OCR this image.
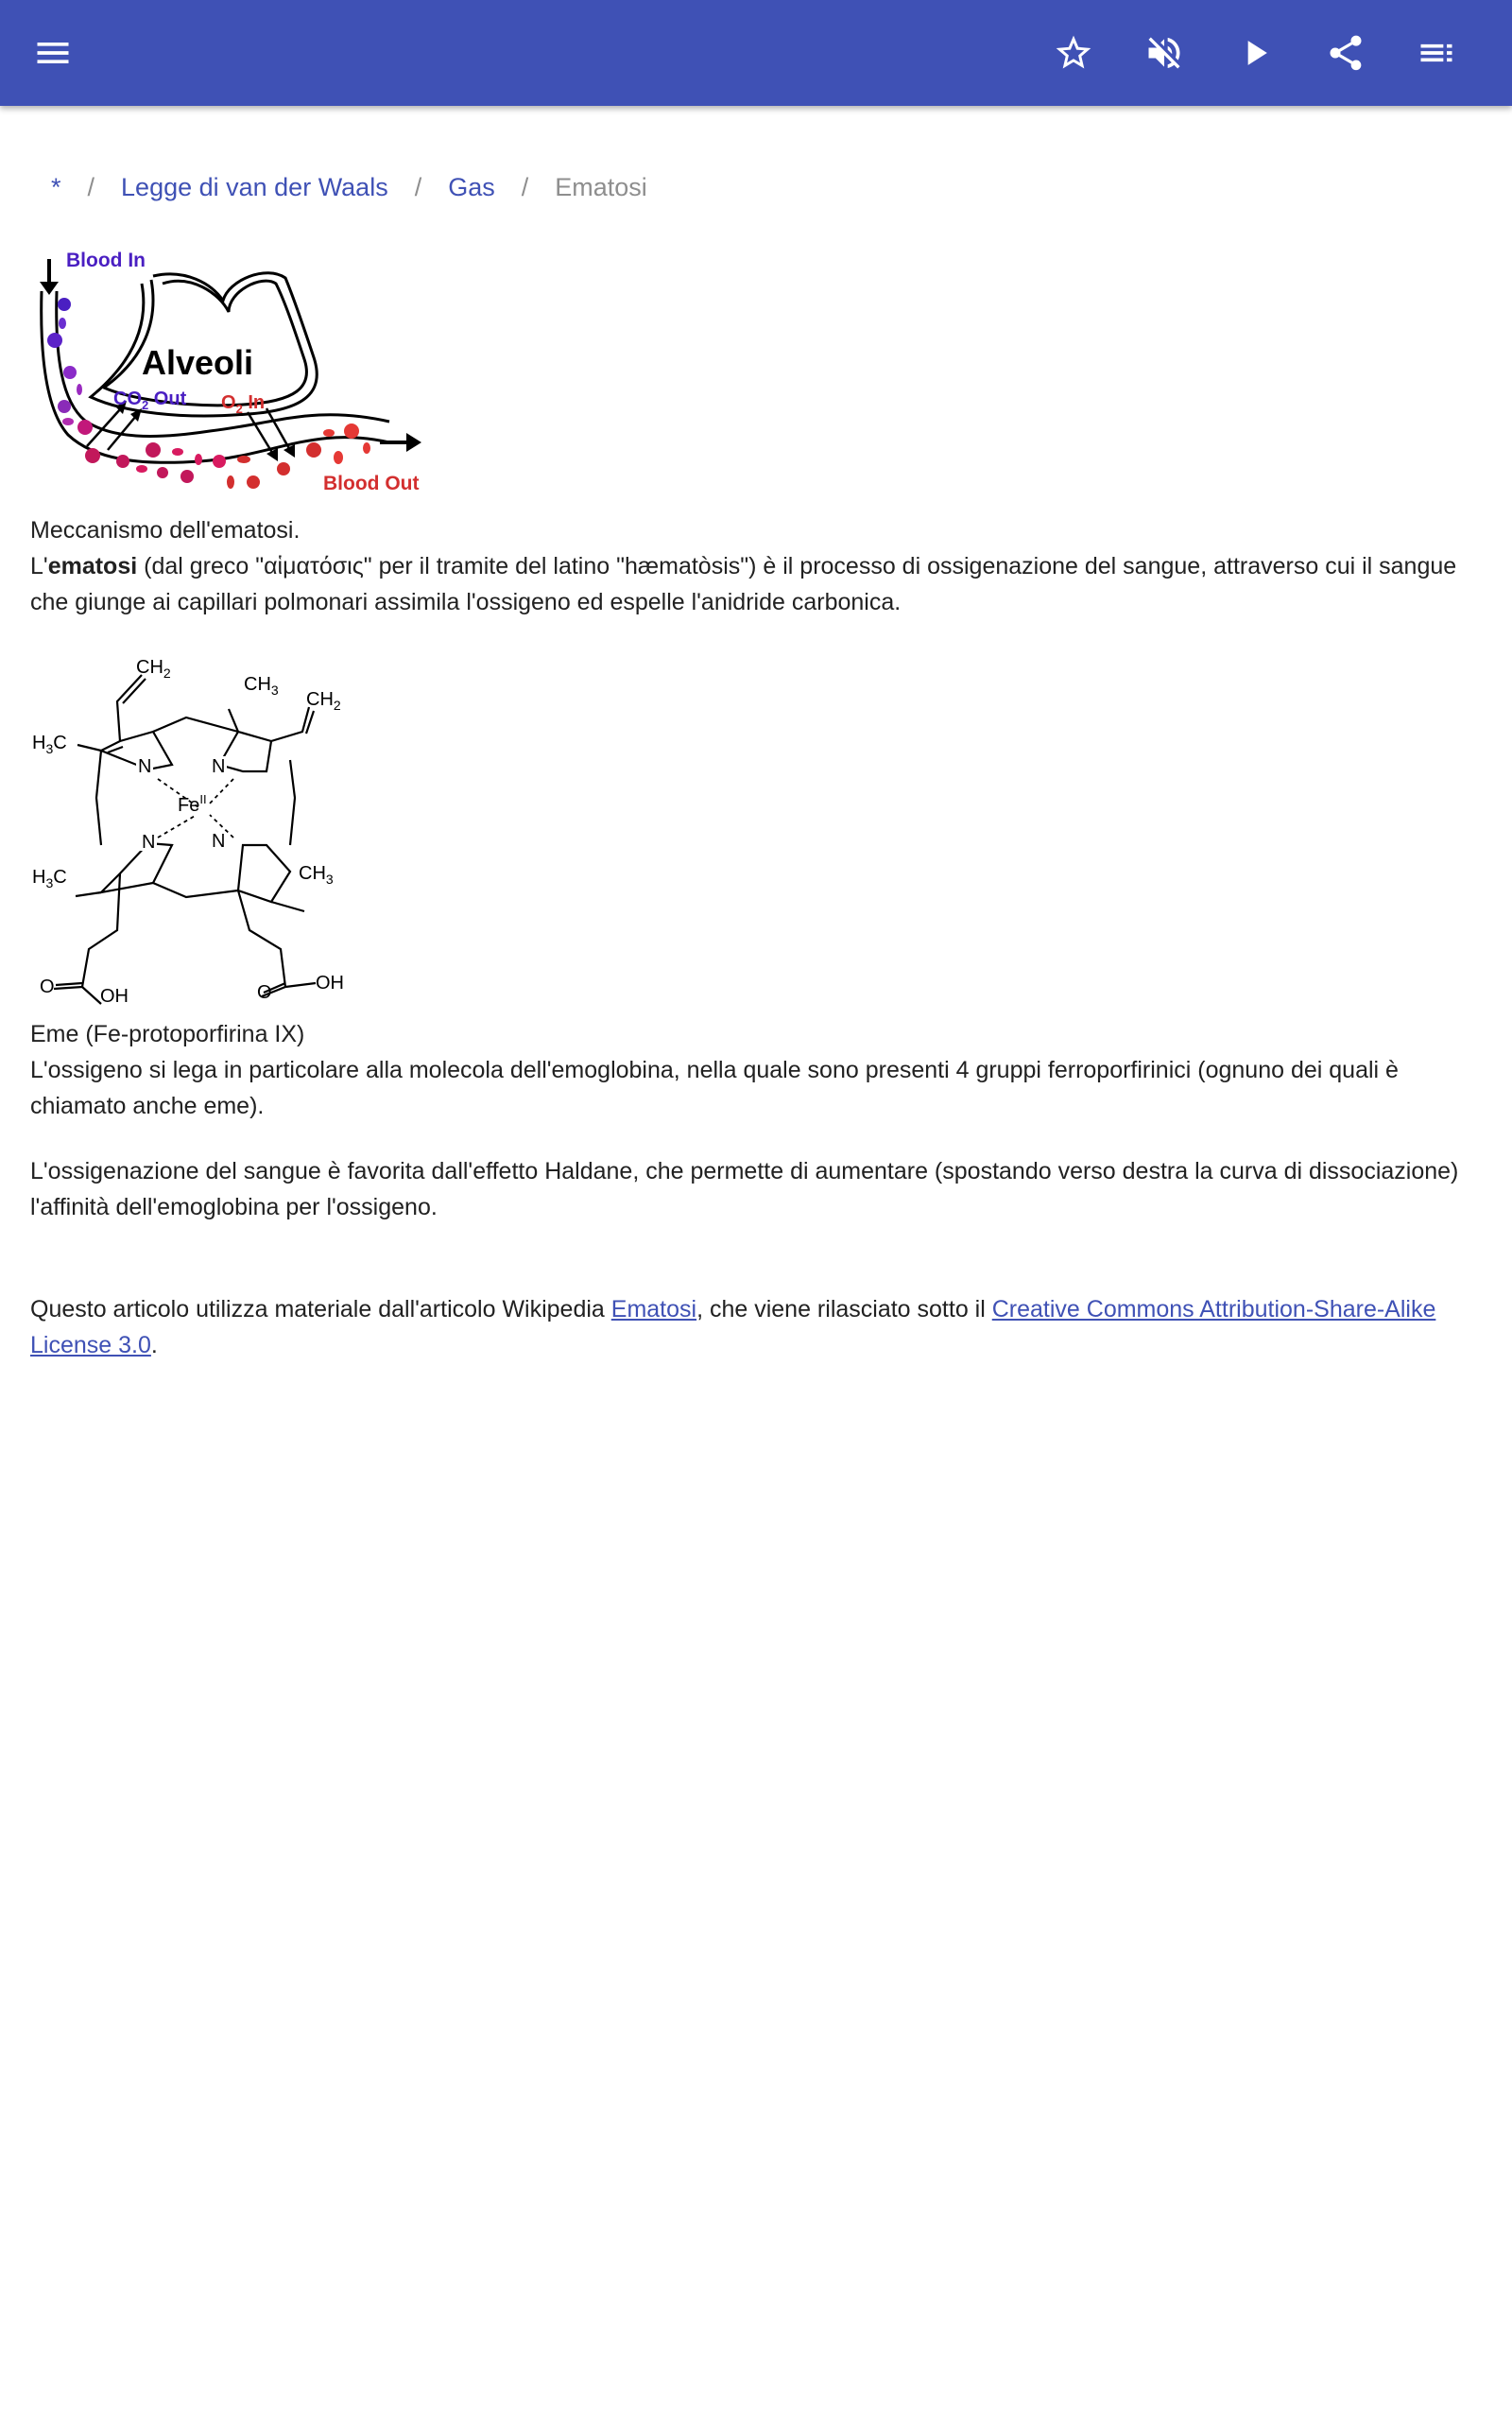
* / Legge di van der Waals / Gas / Ematosi
Blood In
Alveoli
$CO_2$ Out $O_2$ In
Blood Out
Meccanismo dell'ematosi.
L'ematosi (dal greco "αἱματόσις" per il tramite del latino "hæmatòsis") è il processo di ossigenazione del sangue, attraverso cui il sangue che giunge ai capillari polmonari assimila l'ossigeno ed espelle l'anidride carbonica.
$CH_2$
$CH_3$ $CH_2$
$H_3C$
$H_3C$	$CH_3$
$Fe^{II}$
N	N
N	N
O OH	O OH
Eme (Fe-protoporfirina IX)
L'ossigeno si lega in particolare alla molecola dell'emoglobina, nella quale sono presenti 4 gruppi ferroporfirinici (ognuno dei quali è chiamato anche eme).
L'ossigenazione del sangue è favorita dall'effetto Haldane, che permette di aumentare (spostando verso destra la curva di dissociazione) l'affinità dell'emoglobina per l'ossigeno.
Questo articolo utilizza materiale dall'articolo Wikipedia Ematosi, che viene rilasciato sotto il Creative Commons Attribution-Share-Alike License 3.0.
